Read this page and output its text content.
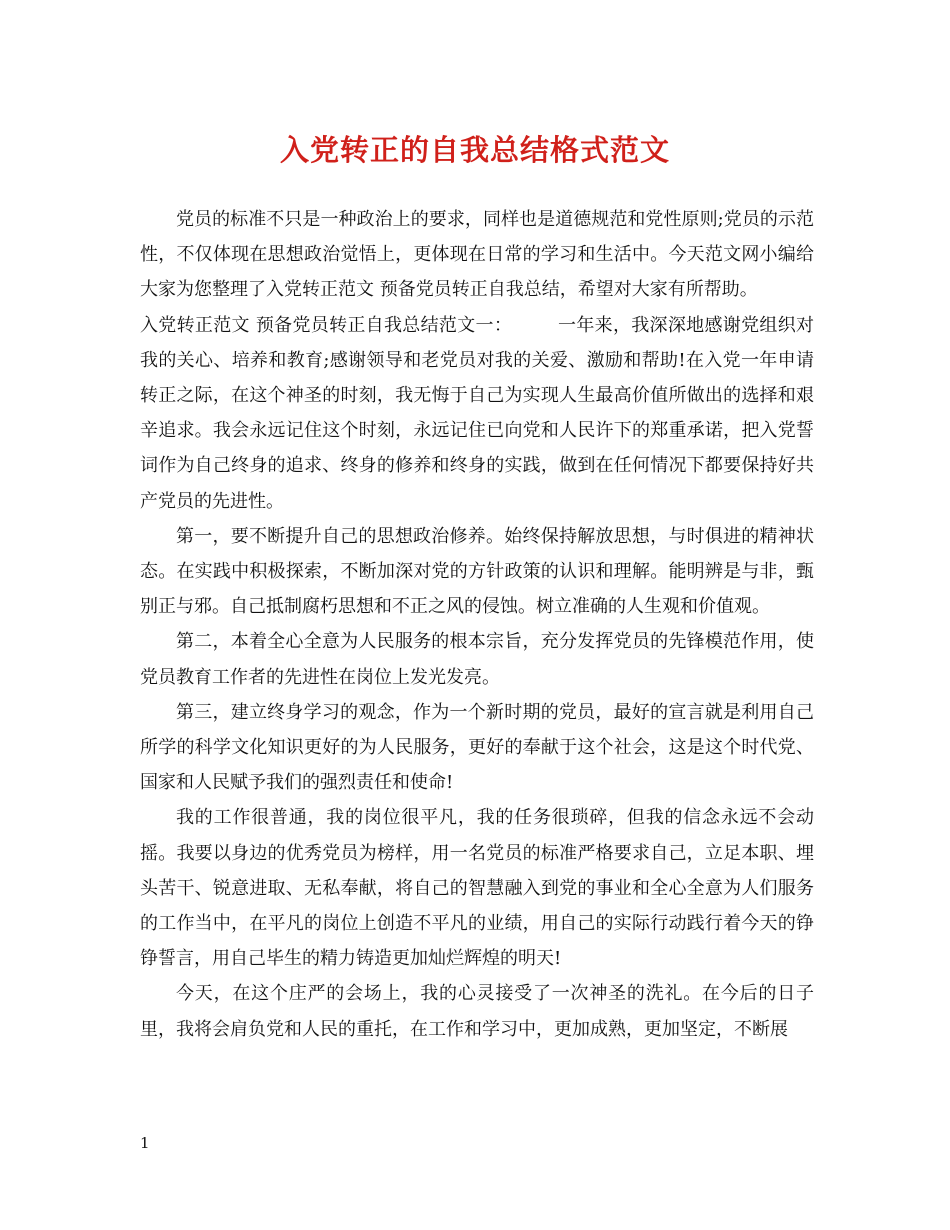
入党转正的自我总结格式范文

党员的标准不只是一种政治上的要求，同样也是道德规范和党性原则;党员的示范性，不仅体现在思想政治觉悟上，更体现在日常的学习和生活中。今天范文网小编给大家为您整理了入党转正范文 预备党员转正自我总结，希望对大家有所帮助。

入党转正范文 预备党员转正自我总结范文一：　　　一年来，我深深地感谢党组织对我的关心、培养和教育;感谢领导和老党员对我的关爱、激励和帮助!在入党一年申请转正之际，在这个神圣的时刻，我无悔于自己为实现人生最高价值所做出的选择和艰辛追求。我会永远记住这个时刻，永远记住已向党和人民许下的郑重承诺，把入党誓词作为自己终身的追求、终身的修养和终身的实践，做到在任何情况下都要保持好共产党员的先进性。

第一，要不断提升自己的思想政治修养。始终保持解放思想，与时俱进的精神状态。在实践中积极探索，不断加深对党的方针政策的认识和理解。能明辨是与非，甄别正与邪。自己抵制腐朽思想和不正之风的侵蚀。树立准确的人生观和价值观。

第二，本着全心全意为人民服务的根本宗旨，充分发挥党员的先锋模范作用，使党员教育工作者的先进性在岗位上发光发亮。

第三，建立终身学习的观念，作为一个新时期的党员，最好的宣言就是利用自己所学的科学文化知识更好的为人民服务，更好的奉献于这个社会，这是这个时代党、国家和人民赋予我们的强烈责任和使命!

我的工作很普通，我的岗位很平凡，我的任务很琐碎，但我的信念永远不会动摇。我要以身边的优秀党员为榜样，用一名党员的标准严格要求自己，立足本职、埋头苦干、锐意进取、无私奉献，将自己的智慧融入到党的事业和全心全意为人们服务的工作当中，在平凡的岗位上创造不平凡的业绩，用自己的实际行动践行着今天的铮铮誓言，用自己毕生的精力铸造更加灿烂辉煌的明天!

今天，在这个庄严的会场上，我的心灵接受了一次神圣的洗礼。在今后的日子里，我将会肩负党和人民的重托，在工作和学习中，更加成熟，更加坚定，不断展

1
